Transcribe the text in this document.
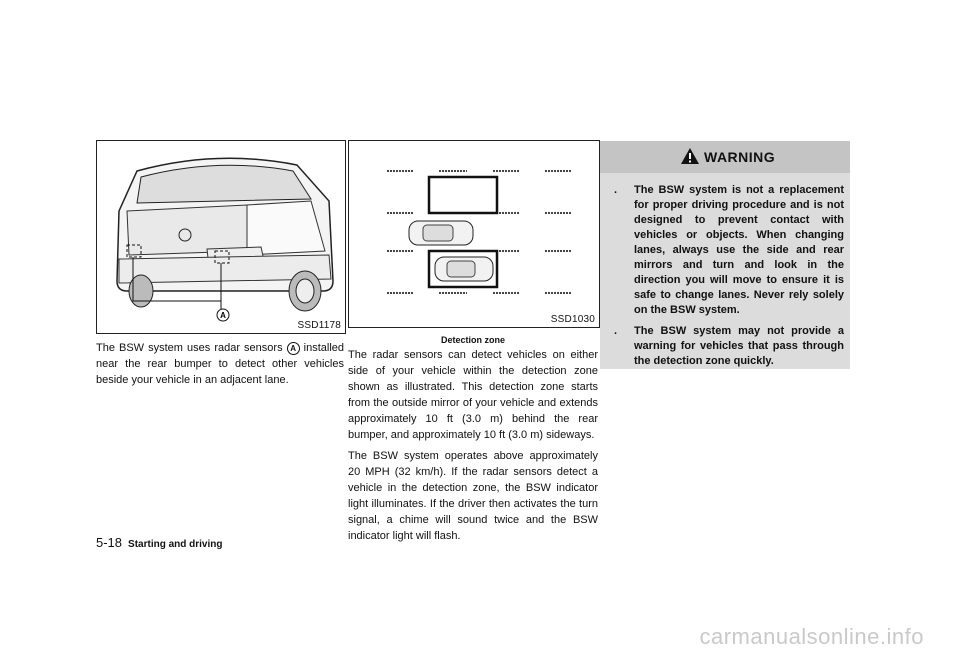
A
SSD1178
SSD1030
Detection zone

The BSW system uses radar sensors A installed near the rear bumper to detect other vehicles beside your vehicle in an adjacent lane.

The radar sensors can detect vehicles on either side of your vehicle within the detection zone shown as illustrated. This detection zone starts from the outside mirror of your vehicle and extends approximately 10 ft (3.0 m) behind the rear bumper, and approximately 10 ft (3.0 m) sideways.

The BSW system operates above approximately 20 MPH (32 km/h). If the radar sensors detect a vehicle in the detection zone, the BSW indicator light illuminates. If the driver then activates the turn signal, a chime will sound twice and the BSW indicator light will flash.

WARNING
. The BSW system is not a replacement for proper driving procedure and is not designed to prevent contact with vehicles or objects. When changing lanes, always use the side and rear mirrors and turn and look in the direction you will move to ensure it is safe to change lanes. Never rely solely on the BSW system.
. The BSW system may not provide a warning for vehicles that pass through the detection zone quickly.
5-18 Starting and driving
carmanualsonline.info
